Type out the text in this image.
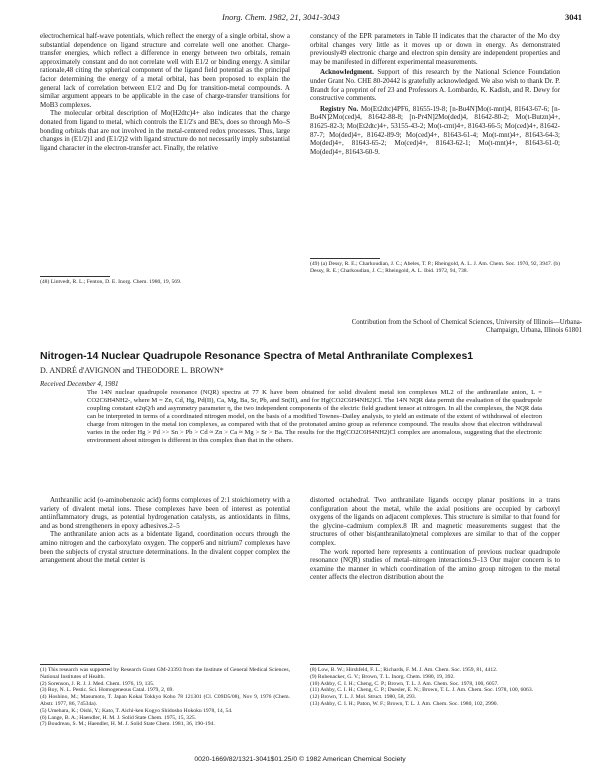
Inorg. Chem. 1982, 21, 3041-3043	3041

electrochemical half-wave potentials, which reflect the energy of a single orbital, show a substantial dependence on ligand structure and correlate well one another. Charge-transfer energies, which reflect a difference in energy between two orbitals, remain approximately constant and do not correlate well with E1/2 or binding energy. A similar rationale,48 citing the spherical component of the ligand field potential as the principal factor determining the energy of a metal orbital, has been proposed to explain the general lack of correlation between E1/2 and Dq for transition-metal compounds. A similar argument appears to be applicable in the case of charge-transfer transitions for MoB3 complexes.

The molecular orbital description of Mo(H2dtc)4+ also indicates that the charge donated from ligand to metal, which controls the E1/2's and BE's, does so through Mo–S bonding orbitals that are not involved in the metal-centered redox processes. Thus, large changes in (E1/2)1 and (E1/2)2 with ligand structure do not necessarily imply substantial ligand character in the electron-transfer act. Finally, the relative

(48) Lintvedt, R. L.; Fenton, D. E. Inorg. Chem. 1980, 19, 569.

constancy of the EPR parameters in Table II indicates that the character of the Mo dxy orbital changes very little as it moves up or down in energy. As demonstrated previously49 electronic charge and electron spin density are independent properties and may be manifested in different experimental measurements.

Acknowledgment. Support of this research by the National Science Foundation under Grant No. CHE 80-20442 is gratefully acknowledged. We also wish to thank Dr. P. Brandt for a preprint of ref 23 and Professors A. Lombardo, K. Kadish, and R. Dewy for constructive comments.

Registry No. Mo(Et2dtc)4PF6, 81655-19-8; [n-Bu4N]Mo(t-mnt)4, 81643-67-6; [n-Bu4N]2Mo(ced)4, 81642-88-8; [n-Pr4N]2Mo(ded)4, 81642-80-2; Mo(t-Butzn)4+, 81625-82-3; Mo(Et2dtc)4+, 53155-43-2; Mo(t-cmt)4+, 81643-66-5; Mo(ced)4+, 81642-87-7; Mo(ded)4+, 81642-89-9; Mo(ced)4+, 81643-61-4; Mo(t-mnt)4+, 81643-64-3; Mo(ded)4+, 81643-65-2; Mo(ced)4+, 81643-62-1; Mo(t-mnt)4+, 81643-61-0; Mo(ded)4+, 81643-60-9.

(49) (a) Dessy, R. E.; Charkoudian, J. C.; Abeles, T. P.; Rheingold, A. L. J. Am. Chem. Soc. 1970, 92, 3947. (b) Dessy, R. E.; Charkoudian, J. C.; Rheingold, A. L. Ibid. 1972, 94, 738.

Contribution from the School of Chemical Sciences, University of Illinois—Urbana-Champaign, Urbana, Illinois 61801
Nitrogen-14 Nuclear Quadrupole Resonance Spectra of Metal Anthranilate Complexes1
D. ANDRÉ d'AVIGNON and THEODORE L. BROWN*
Received December 4, 1981
The 14N nuclear quadrupole resonance (NQR) spectra at 77 K have been obtained for solid divalent metal ion complexes ML2 of the anthranilate anion, L = CO2C6H4NH2-, where M = Zn, Cd, Hg, Pd(II), Ca, Mg, Ba, Sr, Pb, and Sn(II), and for Hg(CO2C6H4NH2)Cl. The 14N NQR data permit the evaluation of the quadrupole coupling constant e2qQ/h and asymmetry parameter η, the two independent components of the electric field gradient tensor at nitrogen. In all the complexes, the NQR data can be interpreted in terms of a coordinated nitrogen model, on the basis of a modified Townes–Dailey analysis, to yield an estimate of the extent of withdrawal of electron charge from nitrogen in the metal ion complexes, as compared with that of the protonated amino group as reference compound. The results show that electron withdrawal varies in the order Hg > Pd >> Sn > Pb > Cd ≈ Zn > Ca ≈ Mg > Sr > Ba. The results for the Hg(CO2C6H4NH2)Cl complex are anomalous, suggesting that the electronic environment about nitrogen is different in this complex than that in the others.

Anthranilic acid (o-aminobenzoic acid) forms complexes of 2:1 stoichiometry with a variety of divalent metal ions. These complexes have been of interest as potential antiinflammatory drugs, as potential hydrogenation catalysts, as antioxidants in films, and as bond strengtheners in epoxy adhesives.2–5

The anthranilate anion acts as a bidentate ligand, coordination occurs through the amino nitrogen and the carboxylato oxygen. The copper6 and nitrium7 complexes have been the subjects of crystal structure determinations. In the divalent copper complex the arrangement about the metal center is

(1) This research was supported by Research Grant GM-23393 from the Institute of General Medical Sciences, National Institutes of Health.

(2) Sorenson, J. R. J. J. Med. Chem. 1976, 19, 135.

(3) Roy, N. L. Pestic. Sci. Homogeneous Catal. 1979, 2, 69.

(4) Hoshino, M.; Masumoto, T. Japan Kokai Tokkyo Koho 78 121301 (Cl. C09D5/08), Nov 9, 1976 (Chem. Abstr. 1977, 86, 74534a).

(5) Umehara, K.; Oishi, Y.; Kato, T. Aichi-ken Kogyo Shidosho Hokoku 1978, 14, 54.

(6) Lange, B. A.; Haendler, H. M. J. Solid State Chem. 1975, 15, 325.

(7) Boudreau, S. M.; Haendler, H. M. J. Solid State Chem. 1981, 36, 190-194.

distorted octahedral. Two anthranilate ligands occupy planar positions in a trans configuration about the metal, while the axial positions are occupied by carboxyl oxygens of the ligands on adjacent complexes. This structure is similar to that found for the glycine–cadmium complex.8 IR and magnetic measurements suggest that the structures of other bis(anthranilato)metal complexes are similar to that of the copper complex.

The work reported here represents a continuation of previous nuclear quadrupole resonance (NQR) studies of metal–nitrogen interactions.9–13 Our major concern is to examine the manner in which coordination of the amino group nitrogen to the metal center affects the electron distribution about the

(8) Low, B. W.; Hirshfeld, F. L.; Richards, F. M. J. Am. Chem. Soc. 1959, 81, 4412.

(9) Rubenacker, G. V.; Brown, T. L. Inorg. Chem. 1980, 19, 392.

(10) Ashby, C. I. H.; Cheng, C. P.; Brown, T. L. J. Am. Chem. Soc. 1978, 100, 6057.

(11) Ashby, C. I. H.; Cheng, C. P.; Duesler, E. N.; Brown, T. L. J. Am. Chem. Soc. 1978, 100, 6063.

(12) Brown, T. L. J. Mol. Struct. 1980, 58, 293.

(13) Ashby, C. I. H.; Paton, W. F.; Brown, T. L. J. Am. Chem. Soc. 1980, 102, 2990.

0020-1669/82/1321-3041$01.25/0 © 1982 American Chemical Society
